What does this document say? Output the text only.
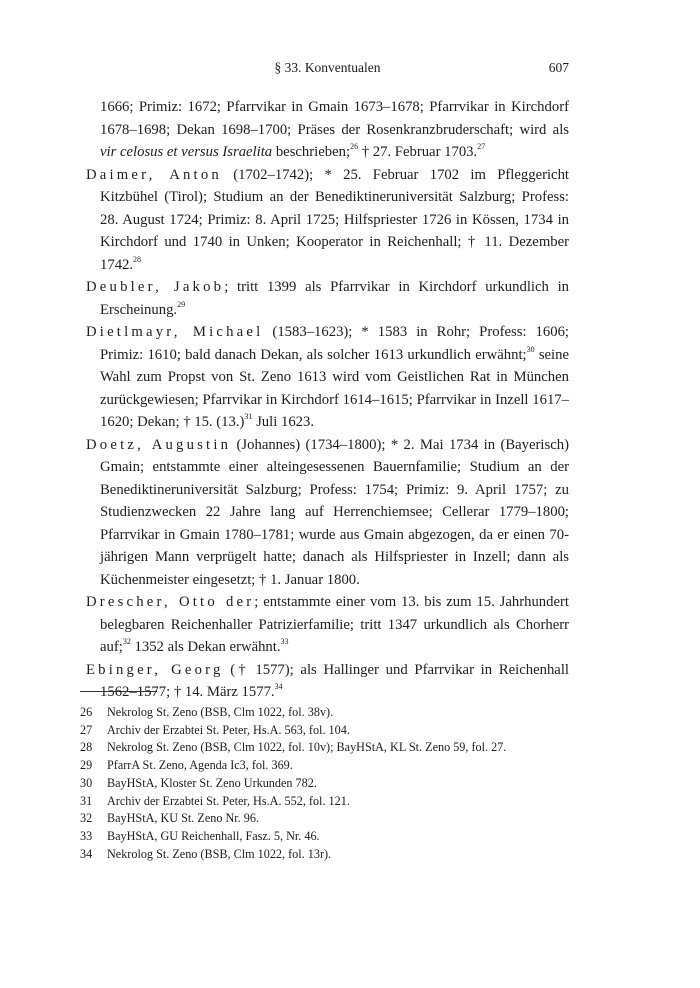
§ 33. Konventualen	607
1666; Primiz: 1672; Pfarrvikar in Gmain 1673–1678; Pfarrvikar in Kirchdorf 1678–1698; Dekan 1698–1700; Präses der Rosenkranzbruderschaft; wird als vir celosus et versus Israelita beschrieben;$^{26}$ † 27. Februar 1703.27
Daimer, Anton (1702–1742); * 25. Februar 1702 im Pfleggericht Kitzbühel (Tirol); Studium an der Benediktineruniversität Salzburg; Profess: 28. August 1724; Primiz: 8. April 1725; Hilfspriester 1726 in Kössen, 1734 in Kirchdorf und 1740 in Unken; Kooperator in Reichenhall; † 11. Dezember 1742.28
Deubler, Jakob; tritt 1399 als Pfarrvikar in Kirchdorf urkundlich in Erscheinung.$^{29}$
Dietlmayr, Michael (1583–1623); * 1583 in Rohr; Profess: 1606; Primiz: 1610; bald danach Dekan, als solcher 1613 urkundlich erwähnt;$^{30}$ seine Wahl zum Propst von St. Zeno 1613 wird vom Geistlichen Rat in München zurückgewiesen; Pfarrvikar in Kirchdorf 1614–1615; Pfarrvikar in Inzell 1617–1620; Dekan; † 15. $(13.)^{31}$ Juli 1623.
Doetz, Augustin (Johannes) (1734–1800); * 2. Mai 1734 in (Bayerisch) Gmain; entstammte einer alteingesessenen Bauernfamilie; Studium an der Benediktineruniversität Salzburg; Profess: 1754; Primiz: 9. April 1757; zu Studienzwecken 22 Jahre lang auf Herrenchiemsee; Cellerar 1779–1800; Pfarrvikar in Gmain 1780–1781; wurde aus Gmain abgezogen, da er einen 70-jährigen Mann verprügelt hatte; danach als Hilfspriester in Inzell; dann als Küchenmeister eingesetzt; † 1. Januar 1800.
Drescher, Otto der; entstammte einer vom 13. bis zum 15. Jahrhundert belegbaren Reichenhaller Patrizierfamilie; tritt 1347 urkundlich als Chorherr auf;$^{32}$ 1352 als Dekan erwähnt.$^{33}$
Ebinger, Georg († 1577); als Hallinger und Pfarrvikar in Reichenhall 1562–1577; † 14. März 1577.34
26	Nekrolog St. Zeno (BSB, Clm 1022, fol. 38v).
27	Archiv der Erzabtei St. Peter, Hs.A. 563, fol. 104.
28	Nekrolog St. Zeno (BSB, Clm 1022, fol. 10v); BayHStA, KL St. Zeno 59, fol. 27.
29	PfarrA St. Zeno, Agenda Ic3, fol. 369.
30	BayHStA, Kloster St. Zeno Urkunden 782.
31	Archiv der Erzabtei St. Peter, Hs.A. 552, fol. 121.
32	BayHStA, KU St. Zeno Nr. 96.
33	BayHStA, GU Reichenhall, Fasz. 5, Nr. 46.
34	Nekrolog St. Zeno (BSB, Clm 1022, fol. 13r).
